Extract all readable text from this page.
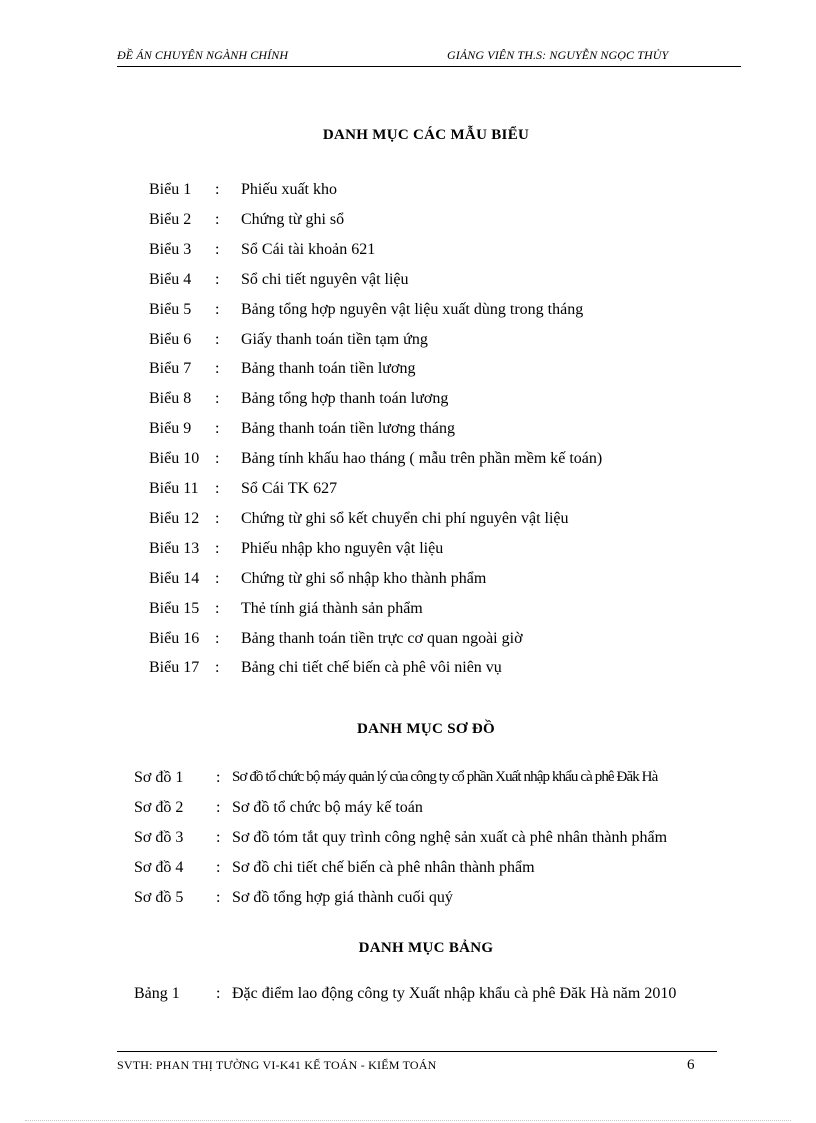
ĐỀ ÁN CHUYÊN NGÀNH CHÍNH	GIẢNG VIÊN TH.S: NGUYỄN NGỌC THỦY
DANH MỤC CÁC MẪU BIỂU
Biểu 1 : Phiếu xuất kho
Biểu 2 : Chứng từ ghi sổ
Biểu 3 : Sổ Cái tài khoản 621
Biểu 4 : Sổ chi tiết nguyên vật liệu
Biểu 5 : Bảng tổng hợp nguyên vật liệu xuất dùng trong tháng
Biểu 6 : Giấy thanh toán tiền tạm ứng
Biểu 7 : Bảng thanh toán tiền lương
Biểu 8 : Bảng tổng hợp thanh toán lương
Biểu 9 : Bảng thanh toán tiền lương tháng
Biểu 10 : Bảng tính khấu hao tháng ( mẫu trên phần mềm kế toán)
Biểu 11 : Sổ Cái TK 627
Biểu 12 : Chứng từ ghi sổ kết chuyển chi phí nguyên vật liệu
Biểu 13 : Phiếu nhập kho nguyên vật liệu
Biểu 14 : Chứng từ ghi sổ nhập kho thành phẩm
Biểu 15 : Thẻ tính giá thành sản phẩm
Biểu 16 : Bảng thanh toán tiền trực cơ quan ngoài giờ
Biểu 17 : Bảng chi tiết chế biến cà phê vôi niên vụ
DANH MỤC SƠ ĐỒ
Sơ đồ 1 : Sơ đồ tổ chức bộ máy quản lý của công ty cổ phần Xuất nhập khẩu cà phê Đăk Hà
Sơ đồ 2 : Sơ đồ tổ chức bộ máy kế toán
Sơ đồ 3 : Sơ đồ tóm tắt quy trình công nghệ sản xuất cà phê nhân thành phẩm
Sơ đồ 4 : Sơ đồ chi tiết chế biến cà phê nhân thành phẩm
Sơ đồ 5 : Sơ đồ tổng hợp giá thành cuối quý
DANH MỤC BẢNG
Bảng 1 : Đặc điểm lao động công ty Xuất nhập khẩu cà phê Đăk Hà năm 2010
SVTH: PHAN THỊ TƯỜNG VI-K41 KẾ TOÁN - KIỂM TOÁN	6
